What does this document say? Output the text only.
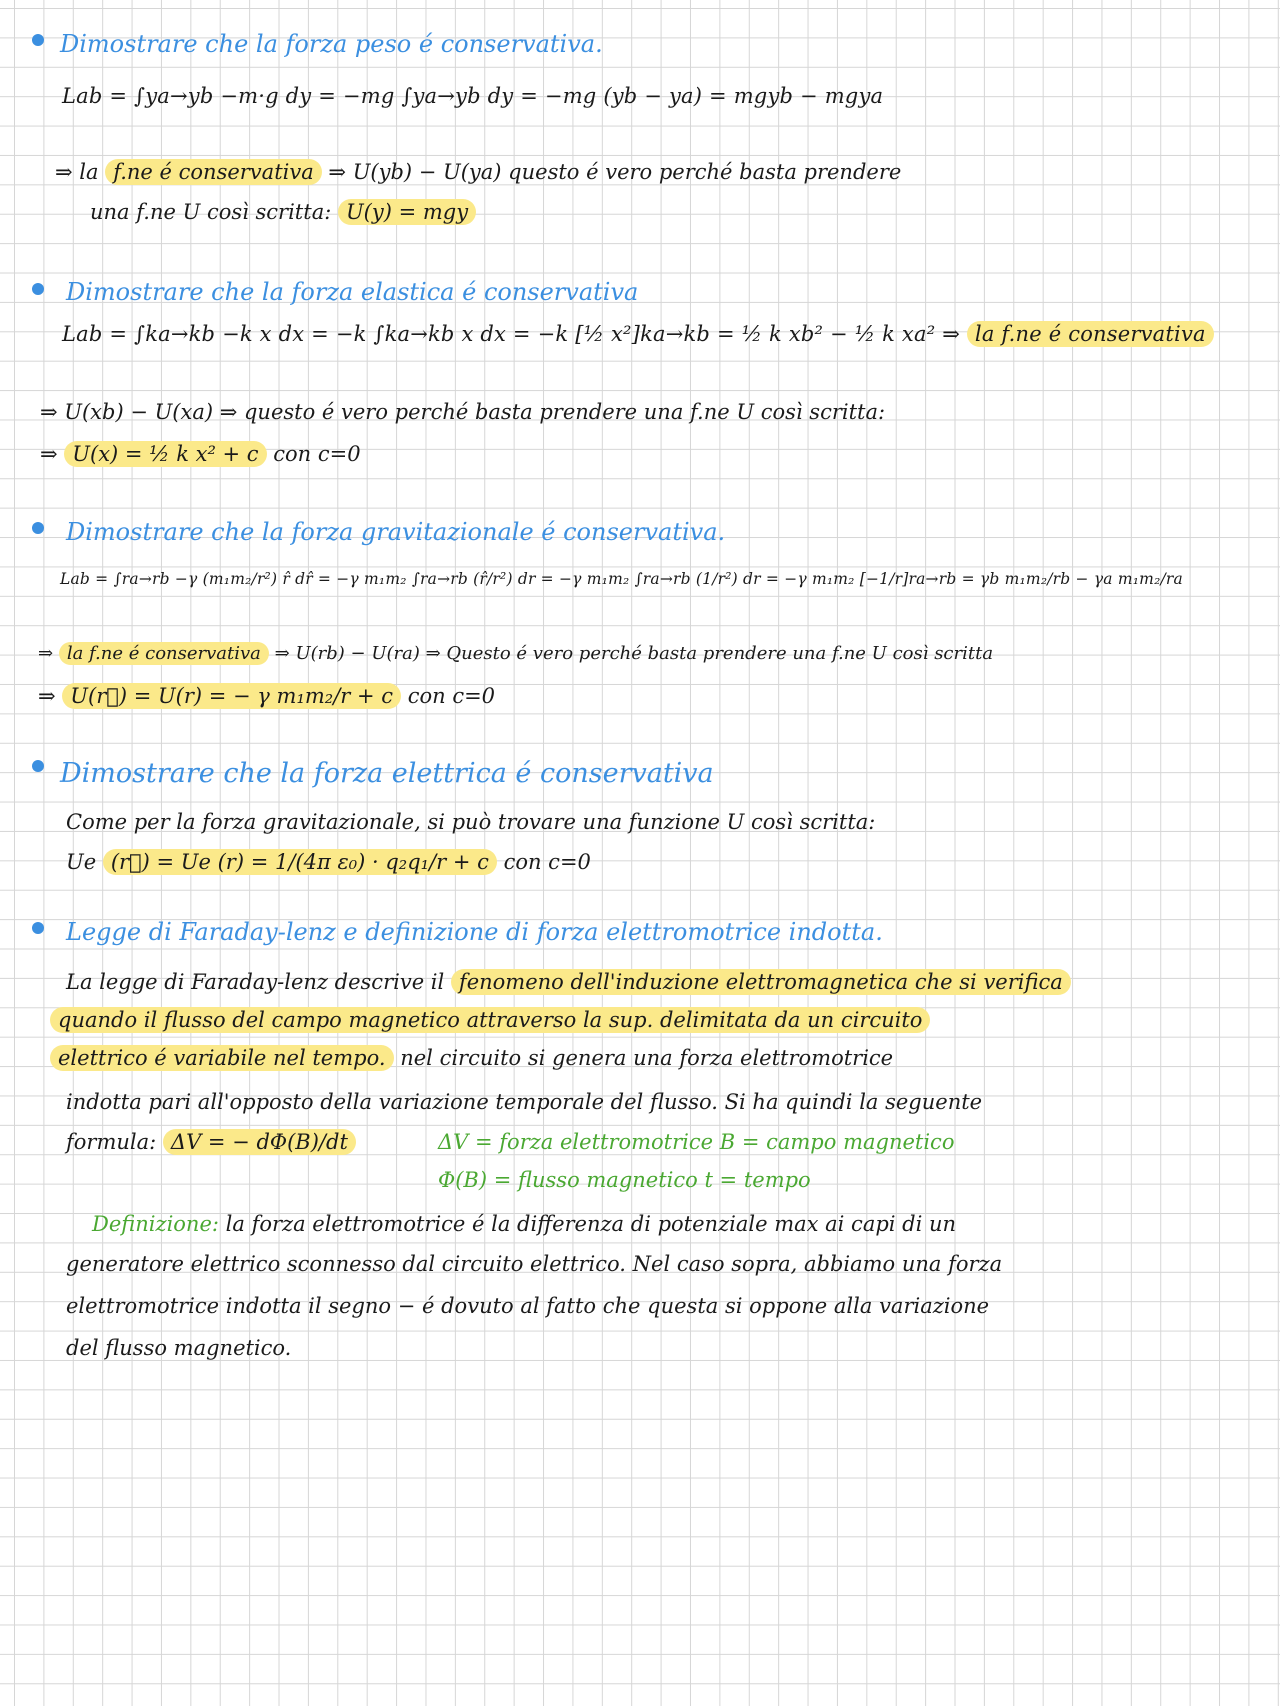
Dimostrare che la forza peso é conservativa.
Lab = ∫ya→yb −m·g dy = −mg ∫ya→yb dy = −mg (yb − ya) = mgyb − mgya
⇒ la f.ne é conservativa ⇒ U(yb) − U(ya) questo é vero perché basta prendere
una f.ne U così scritta: U(y) = mgy
Dimostrare che la forza elastica é conservativa
Lab = ∫ka→kb −k x dx = −k ∫ka→kb x dx = −k [½ x²]ka→kb = ½ k xb² − ½ k xa² ⇒ la f.ne é conservativa
⇒ U(xb) − U(xa) ⇒ questo é vero perché basta prendere una f.ne U così scritta:
⇒ U(x) = ½ k x² + c con c=0
Dimostrare che la forza gravitazionale é conservativa.
Lab = ∫ra→rb −γ (m₁m₂/r²) r̂ dr̂ = −γ m₁m₂ ∫ra→rb (r̂/r²) dr = −γ m₁m₂ ∫ra→rb (1/r²) dr = −γ m₁m₂ [−1/r]ra→rb = γb m₁m₂/rb − γa m₁m₂/ra
⇒ la f.ne é conservativa ⇒ U(rb) − U(ra) ⇒ Questo é vero perché basta prendere una f.ne U così scritta
⇒ U(r⃗) = U(r) = − γ m₁m₂/r + c con c=0
Dimostrare che la forza elettrica é conservativa
Come per la forza gravitazionale, si può trovare una funzione U così scritta:
Ue (r⃗) = Ue (r) = 1/(4π ε₀) · q₂q₁/r + c con c=0
Legge di Faraday-lenz e definizione di forza elettromotrice indotta.
La legge di Faraday-lenz descrive il fenomeno dell'induzione elettromagnetica che si verifica
quando il flusso del campo magnetico attraverso la sup. delimitata da un circuito
elettrico é variabile nel tempo. nel circuito si genera una forza elettromotrice
indotta pari all'opposto della variazione temporale del flusso. Si ha quindi la seguente
formula: ΔV = − dΦ(B)/dt	ΔV = forza elettromotrice B = campo magnetico
Φ(B) = flusso magnetico t = tempo
Definizione: la forza elettromotrice é la differenza di potenziale max ai capi di un
generatore elettrico sconnesso dal circuito elettrico. Nel caso sopra, abbiamo una forza
elettromotrice indotta il segno − é dovuto al fatto che questa si oppone alla variazione
del flusso magnetico.
